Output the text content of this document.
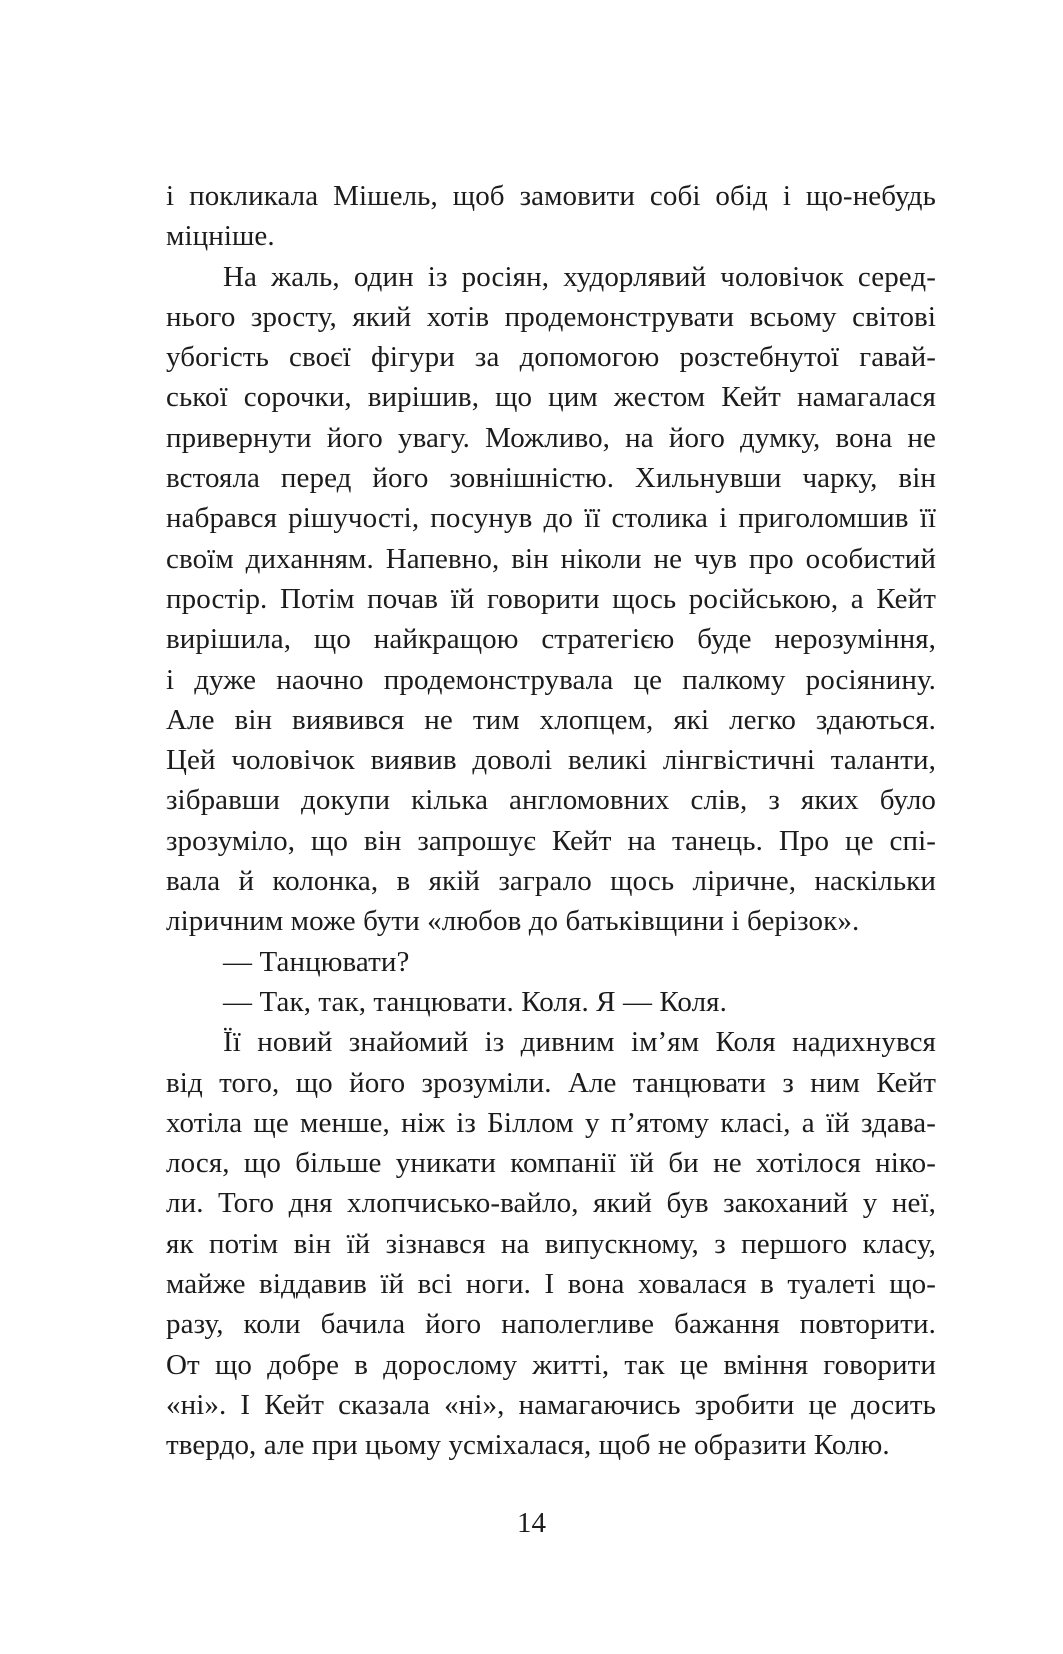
і покликала Мішель, щоб замовити собі обід і що-небудь
міцніше.
На жаль, один із росіян, худорлявий чоловічок серед-
нього зросту, який хотів продемонструвати всьому світові
убогість своєї фігури за допомогою розстебнутої гавай-
ської сорочки, вирішив, що цим жестом Кейт намагалася
привернути його увагу. Можливо, на його думку, вона не
встояла перед його зовнішністю. Хильнувши чарку, він
набрався рішучості, посунув до її столика і приголомшив її
своїм диханням. Напевно, він ніколи не чув про особистий
простір. Потім почав їй говорити щось російською, а Кейт
вирішила, що найкращою стратегією буде нерозуміння,
і дуже наочно продемонструвала це палкому росіянину.
Але він виявився не тим хлопцем, які легко здаються.
Цей чоловічок виявив доволі великі лінгвістичні таланти,
зібравши докупи кілька англомовних слів, з яких було
зрозуміло, що він запрошує Кейт на танець. Про це спі-
вала й колонка, в якій заграло щось ліричне, наскільки
ліричним може бути «любов до батьківщини і берізок».
— Танцювати?
— Так, так, танцювати. Коля. Я — Коля.
Її новий знайомий із дивним ім’ям Коля надихнувся
від того, що його зрозуміли. Але танцювати з ним Кейт
хотіла ще менше, ніж із Біллом у п’ятому класі, а їй здава-
лося, що більше уникати компанії їй би не хотілося ніко-
ли. Того дня хлопчисько-вайло, який був закоханий у неї,
як потім він їй зізнався на випускному, з першого класу,
майже віддавив їй всі ноги. І вона ховалася в туалеті що-
разу, коли бачила його наполегливе бажання повторити.
От що добре в дорослому житті, так це вміння говорити
«ні». І Кейт сказала «ні», намагаючись зробити це досить
твердо, але при цьому усміхалася, щоб не образити Колю.
14
